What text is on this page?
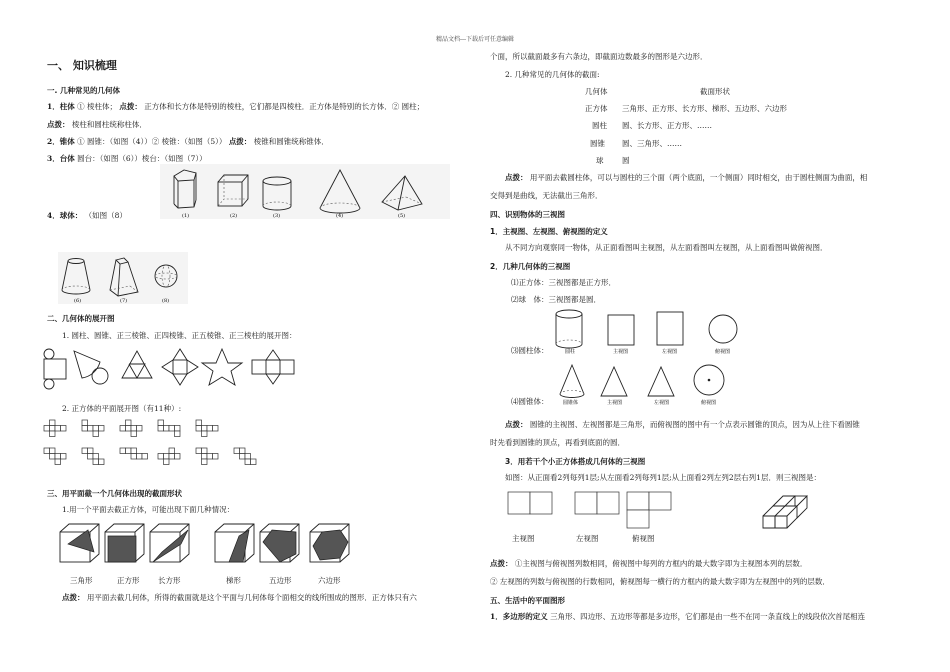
精品文档---下载后可任意编辑
一、 知识梳理
一. 几种常见的几何体
1．柱体 ① 棱柱体； 点拨： 正方体和长方体是特别的棱柱，它们都是四棱柱．正方体是特别的长方体．② 圆柱；
点拨： 棱柱和圆柱统称柱体．
2．锥体 ① 圆锥：（如图（4））② 棱锥：（如图（5）） 点拨： 棱锥和圆锥统称锥体．
3．台体 圆台：（如图（6））棱台：（如图（7））
4．球体： （如图（8）	(1)	(2)	(3)	(4)	(5)
(6)	(7)	(8)
二、几何体的展开图
1. 圆柱、圆锥、正三棱锥、正四棱锥、正五棱锥、正三棱柱的展开图：
2. 正方体的平面展开图（有11种）:
三、用平面截一个几何体出现的截面形状
1.用一个平面去截正方体，可能出现下面几种情况：
三角形	正方形 长方形	梯形	五边形	六边形
点拨： 用平面去截几何体，所得的截面就是这个平面与几何体每个面相交的线所围成的图形．正方体只有六
个面，所以截面最多有六条边，即截面边数最多的图形是六边形．
2. 几种常见的几何体的截面:
几何体	截面形状
正方体 三角形、正方形、长方形、梯形、五边形、六边形
圆柱 圆、长方形、正方形、……
圆锥 圆、三角形、……
球 圆
点拨： 用平面去截圆柱体，可以与圆柱的三个面（两个底面，一个侧面）同时相交，由于圆柱侧面为曲面，相
交得到是曲线，无法截出三角形．
四、识别物体的三视图
1．主视图、左视图、俯视图的定义
从不同方向观察同一物体，从正面看图叫主视图，从左面看图叫左视图，从上面看图叫做俯视图．
2．几种几何体的三视图
⑴正方体：三视图都是正方形．
⑵球　体：三视图都是圆．
⑶圆柱体：
⑷圆锥体：
圆柱	主视图	左视图	俯视图
圆锥体	主视图	左视图	俯视图
点拨： 圆锥的主视图、左视图都是三角形，而俯视图的图中有一个点表示圆锥的顶点，因为从上往下看圆锥
时先看到圆锥的顶点，再看到底面的圆．
3．用若干个小正方体搭成几何体的三视图
如图：从正面看2列每列1层;从左面看2列每列1层;从上面看2列左列2层右列1层．则三视图是：
主视图	左视图	俯视图
点拨： ①主视图与俯视图列数相同，俯视图中每列的方框内的最大数字即为主视图本列的层数．
② 左视图的列数与俯视图的行数相同，俯视图每一横行的方框内的最大数字即为左视图中的列的层数．
五、生活中的平面图形
1．多边形的定义 三角形、四边形、五边形等都是多边形，它们都是由一些不在同一条直线上的线段依次首尾相连
